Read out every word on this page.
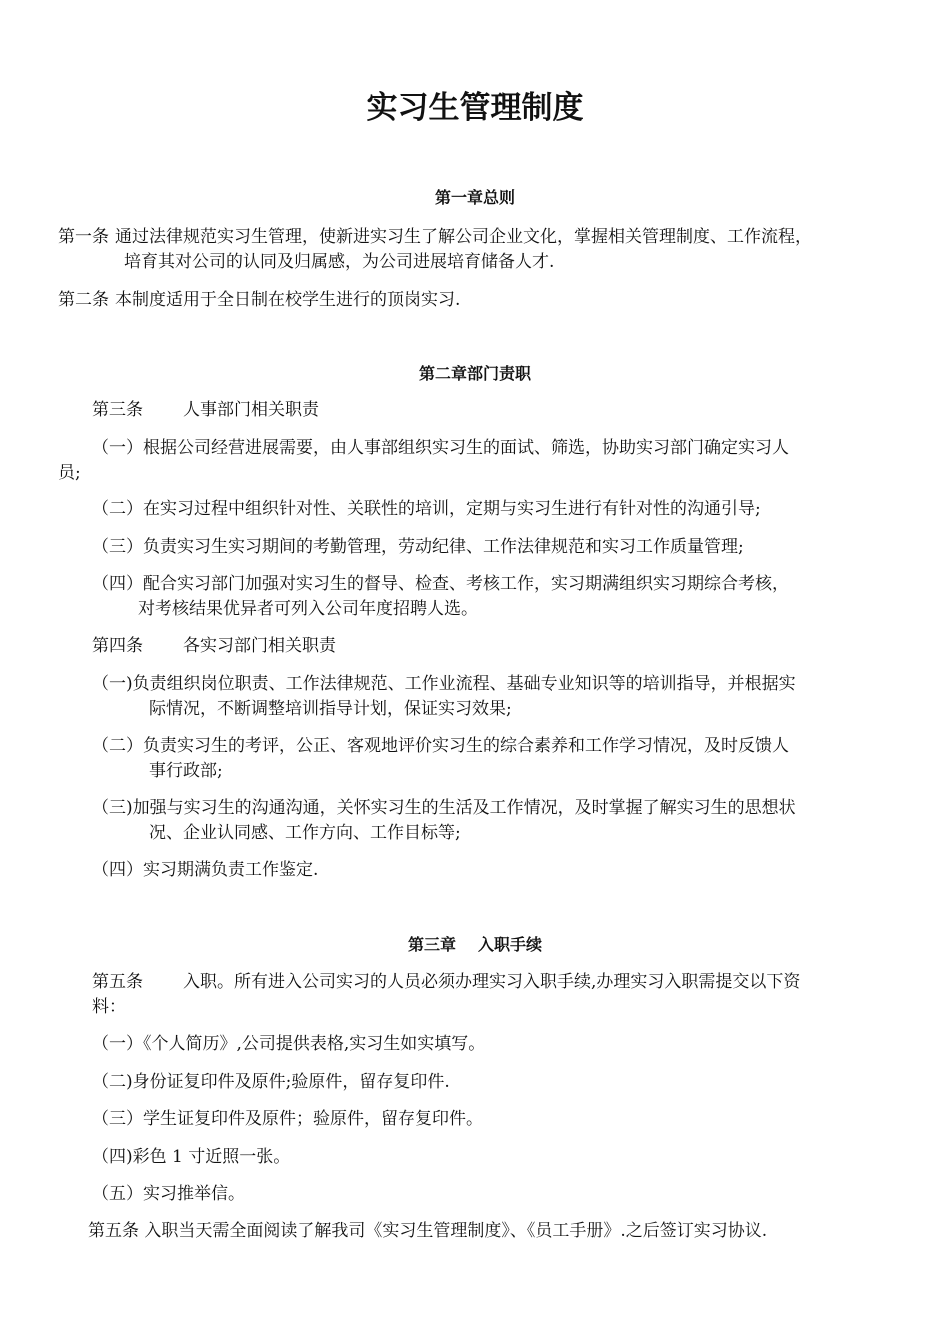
实习生管理制度
第一章总则
第一条 通过法律规范实习生管理，使新进实习生了解公司企业文化，掌握相关管理制度、工作流程，
培育其对公司的认同及归属感，为公司进展培育储备人才.
第二条 本制度适用于全日制在校学生进行的顶岗实习.
第二章部门责职
第三条 人事部门相关职责
（一）根据公司经营进展需要，由人事部组织实习生的面试、筛选，协助实习部门确定实习人
员;
（二）在实习过程中组织针对性、关联性的培训，定期与实习生进行有针对性的沟通引导;
（三）负责实习生实习期间的考勤管理，劳动纪律、工作法律规范和实习工作质量管理;
（四）配合实习部门加强对实习生的督导、检查、考核工作，实习期满组织实习期综合考核，
对考核结果优异者可列入公司年度招聘人选。
第四条 各实习部门相关职责
（一)负责组织岗位职责、工作法律规范、工作业流程、基础专业知识等的培训指导，并根据实
际情况，不断调整培训指导计划，保证实习效果;
（二）负责实习生的考评，公正、客观地评价实习生的综合素养和工作学习情况，及时反馈人
事行政部;
（三)加强与实习生的沟通沟通，关怀实习生的生活及工作情况，及时掌握了解实习生的思想状
况、企业认同感、工作方向、工作目标等;
（四）实习期满负责工作鉴定.
第三章 入职手续
第五条 入职。所有进入公司实习的人员必须办理实习入职手续,办理实习入职需提交以下资
料：
（一）《个人简历》,公司提供表格,实习生如实填写。
（二)身份证复印件及原件;验原件，留存复印件.
（三）学生证复印件及原件；验原件，留存复印件。
（四)彩色 1 寸近照一张。
（五）实习推举信。
第五条 入职当天需全面阅读了解我司《实习生管理制度》、《员工手册》.之后签订实习协议.
